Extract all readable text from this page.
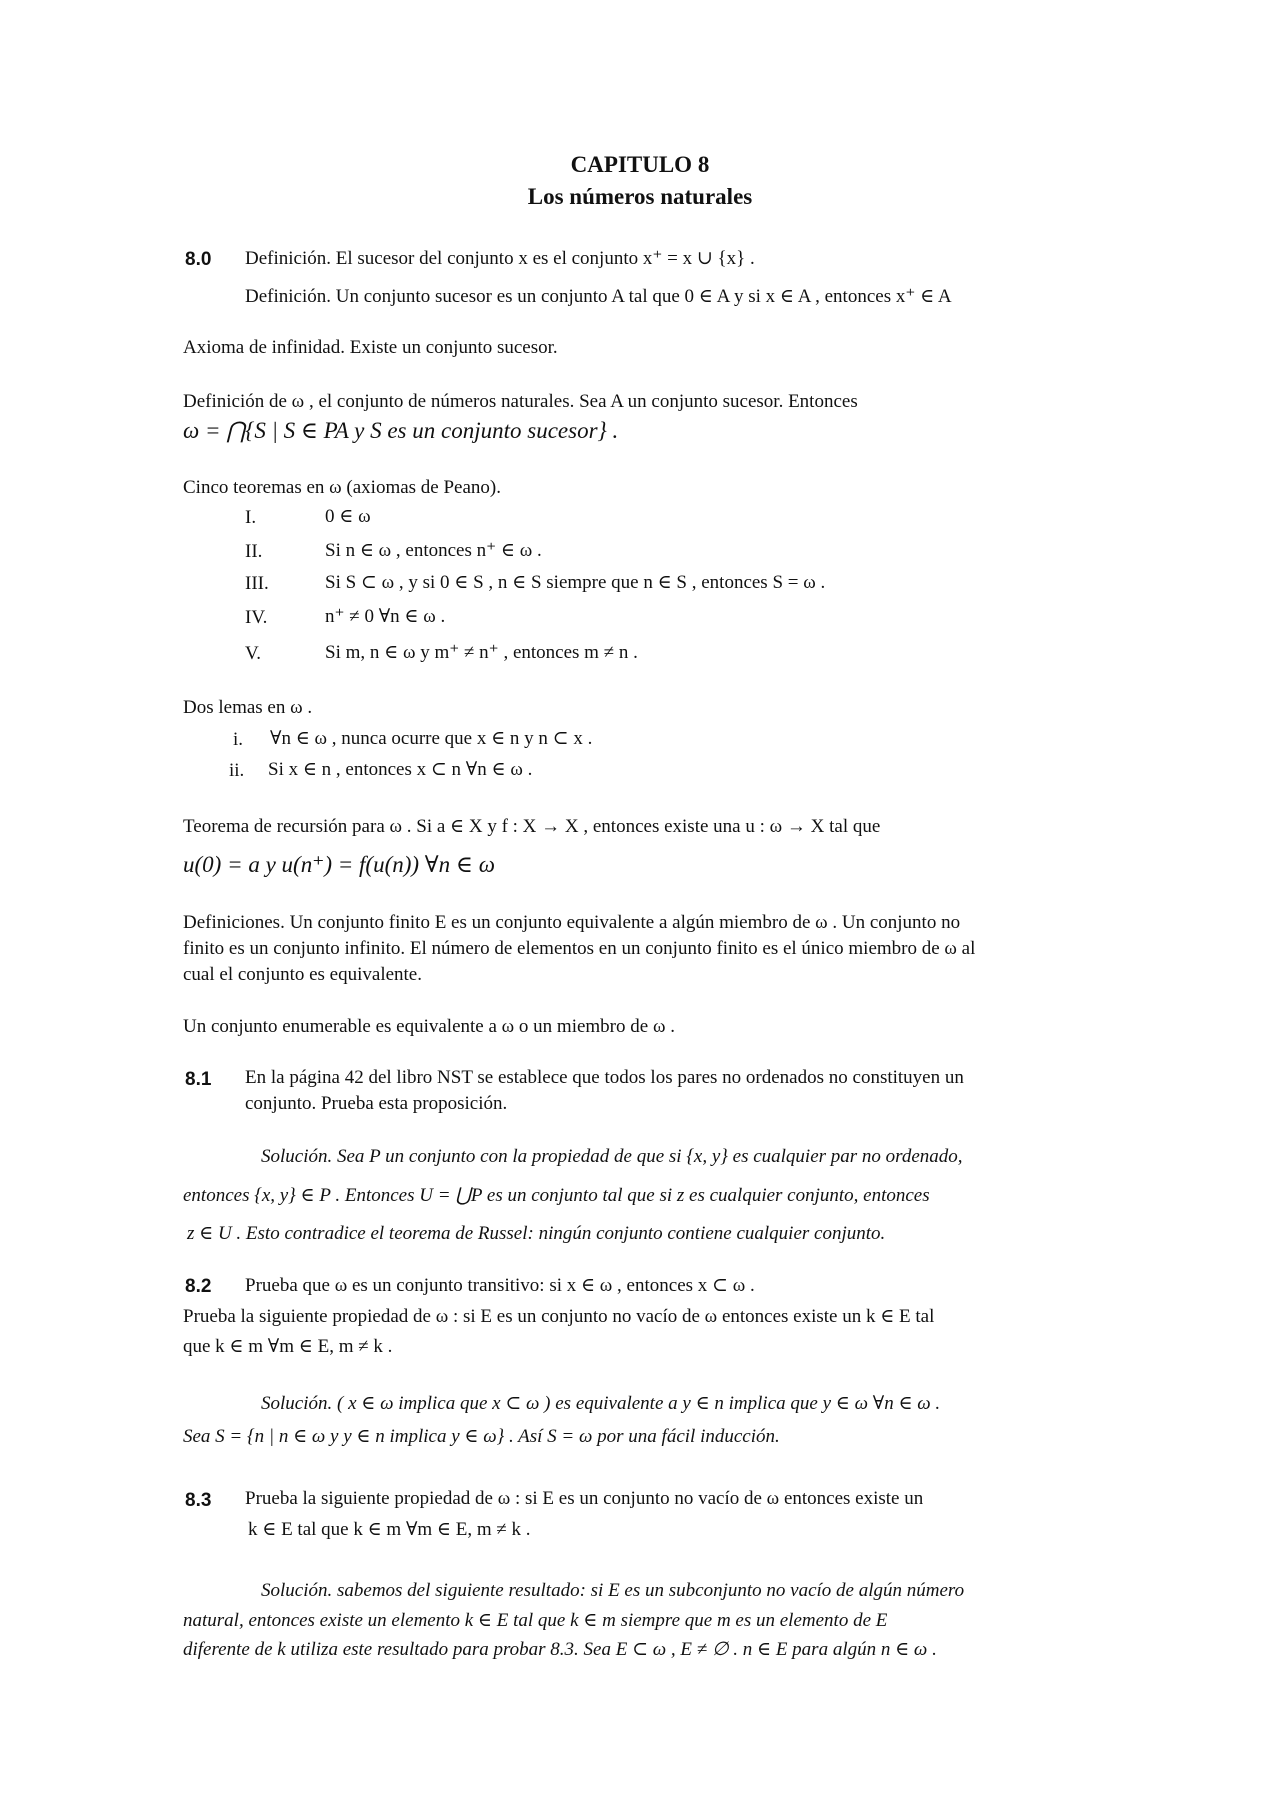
CAPITULO 8
Los números naturales
8.0 Definición. El sucesor del conjunto x es el conjunto x⁺ = x ∪ {x} .
Definición. Un conjunto sucesor es un conjunto A tal que 0 ∈ A y si x ∈ A , entonces x⁺ ∈ A
Axioma de infinidad. Existe un conjunto sucesor.
Definición de ω , el conjunto de números naturales. Sea A un conjunto sucesor. Entonces
ω = ⋂{S | S ∈ PA y S es un conjunto sucesor} .
Cinco teoremas en ω (axiomas de Peano).
I.	0 ∈ ω
II.	Si n ∈ ω , entonces n⁺ ∈ ω .
III.	Si S ⊂ ω , y si 0 ∈ S , n ∈ S siempre que n ∈ S , entonces S = ω .
IV.	n⁺ ≠ 0 ∀n ∈ ω .
V.	Si m, n ∈ ω y m⁺ ≠ n⁺ , entonces m ≠ n .
Dos lemas en ω .
i. ∀n ∈ ω , nunca ocurre que x ∈ n y n ⊂ x .
ii. Si x ∈ n , entonces x ⊂ n ∀n ∈ ω .
Teorema de recursión para ω . Si a ∈ X y f : X → X , entonces existe una u : ω → X tal que
u(0) = a y u(n⁺) = f(u(n)) ∀n ∈ ω
Definiciones. Un conjunto finito E es un conjunto equivalente a algún miembro de ω . Un conjunto no
finito es un conjunto infinito. El número de elementos en un conjunto finito es el único miembro de ω al
cual el conjunto es equivalente.
Un conjunto enumerable es equivalente a ω o un miembro de ω .
8.1 En la página 42 del libro NST se establece que todos los pares no ordenados no constituyen un
conjunto. Prueba esta proposición.
Solución. Sea P un conjunto con la propiedad de que si {x, y} es cualquier par no ordenado,
entonces {x, y} ∈ P . Entonces U = ⋃P es un conjunto tal que si z es cualquier conjunto, entonces
z ∈ U . Esto contradice el teorema de Russel: ningún conjunto contiene cualquier conjunto.
8.2 Prueba que ω es un conjunto transitivo: si x ∈ ω , entonces x ⊂ ω .
Prueba la siguiente propiedad de ω : si E es un conjunto no vacío de ω entonces existe un k ∈ E tal
que k ∈ m ∀m ∈ E, m ≠ k .
Solución. ( x ∈ ω implica que x ⊂ ω ) es equivalente a y ∈ n implica que y ∈ ω ∀n ∈ ω .
Sea S = {n | n ∈ ω y y ∈ n implica y ∈ ω} . Así S = ω por una fácil inducción.
8.3 Prueba la siguiente propiedad de ω : si E es un conjunto no vacío de ω entonces existe un
k ∈ E tal que k ∈ m ∀m ∈ E, m ≠ k .
Solución. sabemos del siguiente resultado: si E es un subconjunto no vacío de algún número
natural, entonces existe un elemento k ∈ E tal que k ∈ m siempre que m es un elemento de E
diferente de k utiliza este resultado para probar 8.3. Sea E ⊂ ω , E ≠ ∅ . n ∈ E para algún n ∈ ω .
